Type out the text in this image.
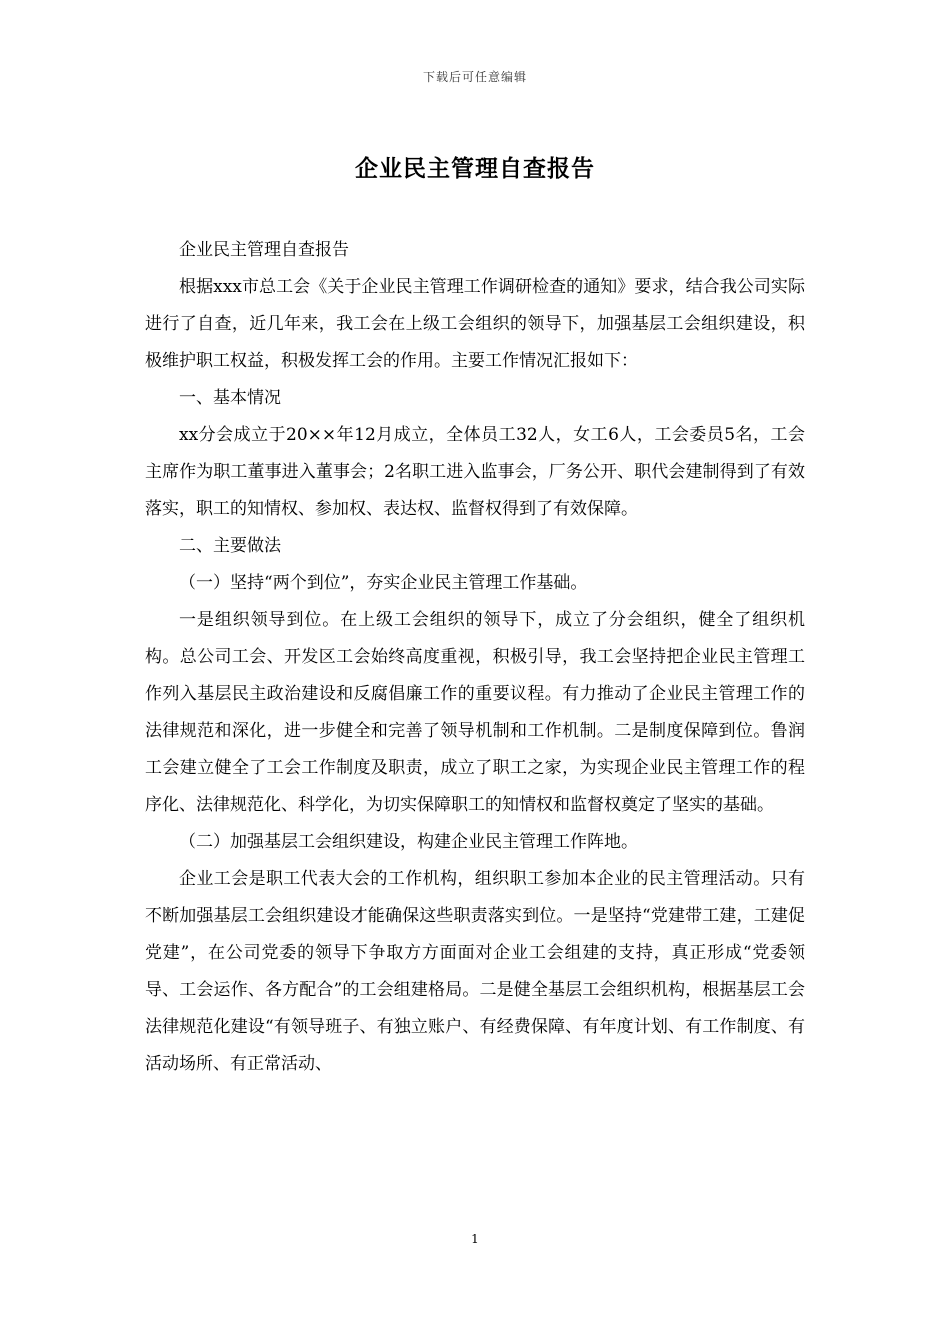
下载后可任意编辑
企业民主管理自查报告

企业民主管理自查报告

根据xxx市总工会《关于企业民主管理工作调研检查的通知》要求，结合我公司实际进行了自查，近几年来，我工会在上级工会组织的领导下，加强基层工会组织建设，积极维护职工权益，积极发挥工会的作用。主要工作情况汇报如下：

一、基本情况

xx分会成立于20××年12月成立，全体员工32人，女工6人，工会委员5名，工会主席作为职工董事进入董事会；2名职工进入监事会，厂务公开、职代会建制得到了有效落实，职工的知情权、参加权、表达权、监督权得到了有效保障。

二、主要做法

（一）坚持“两个到位”，夯实企业民主管理工作基础。

一是组织领导到位。在上级工会组织的领导下，成立了分会组织，健全了组织机构。总公司工会、开发区工会始终高度重视，积极引导，我工会坚持把企业民主管理工作列入基层民主政治建设和反腐倡廉工作的重要议程。有力推动了企业民主管理工作的法律规范和深化，进一步健全和完善了领导机制和工作机制。二是制度保障到位。鲁润工会建立健全了工会工作制度及职责，成立了职工之家，为实现企业民主管理工作的程序化、法律规范化、科学化，为切实保障职工的知情权和监督权奠定了坚实的基础。

（二）加强基层工会组织建设，构建企业民主管理工作阵地。

企业工会是职工代表大会的工作机构，组织职工参加本企业的民主管理活动。只有不断加强基层工会组织建设才能确保这些职责落实到位。一是坚持“党建带工建，工建促党建”，在公司党委的领导下争取方方面面对企业工会组建的支持，真正形成“党委领导、工会运作、各方配合”的工会组建格局。二是健全基层工会组织机构，根据基层工会法律规范化建设“有领导班子、有独立账户、有经费保障、有年度计划、有工作制度、有活动场所、有正常活动、

1
